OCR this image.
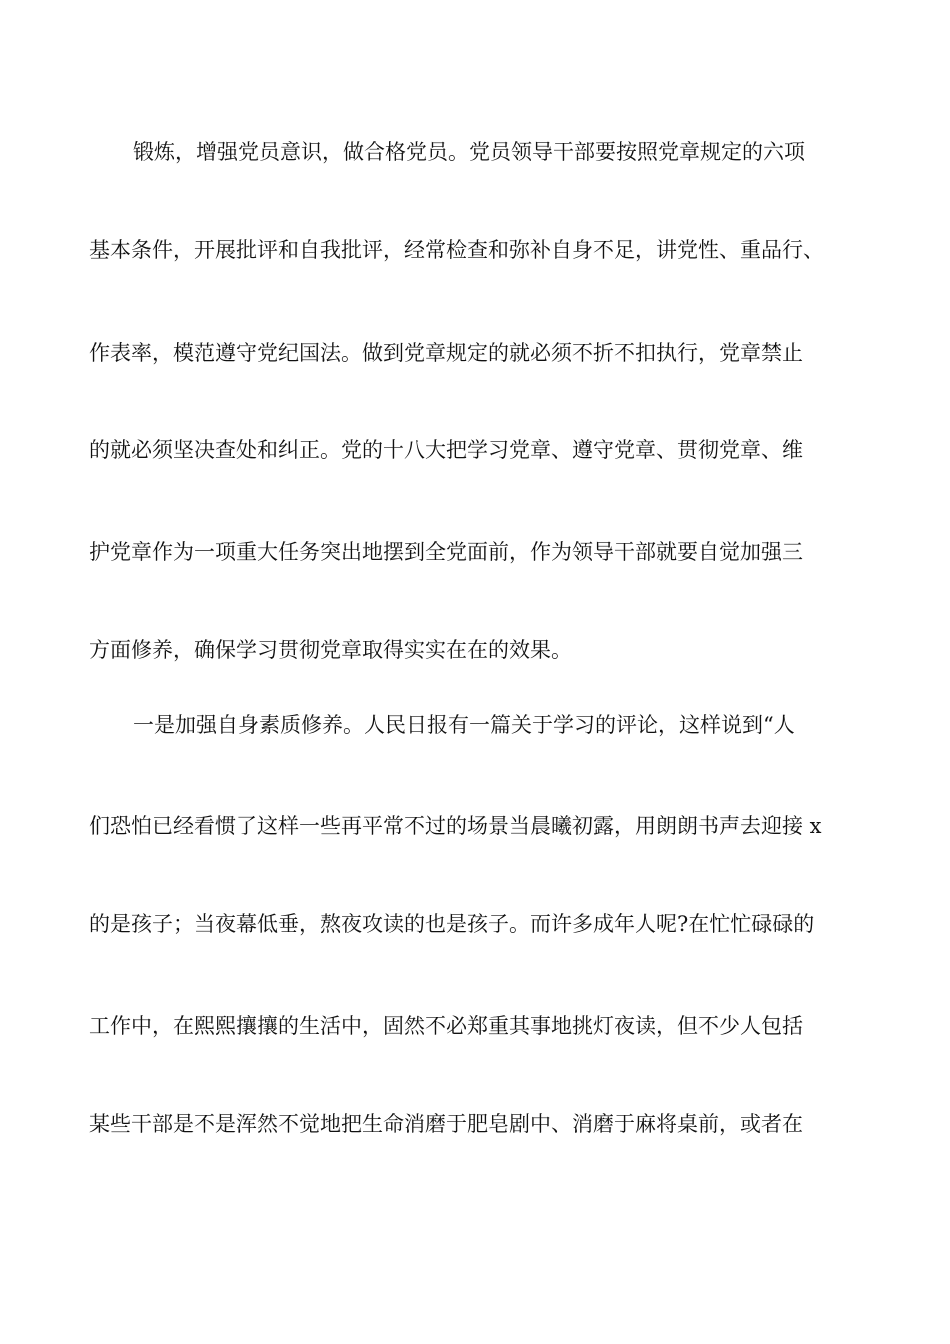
锻炼，增强党员意识，做合格党员。党员领导干部要按照党章规定的六项
基本条件，开展批评和自我批评，经常检查和弥补自身不足，讲党性、重品行、
作表率，模范遵守党纪国法。做到党章规定的就必须不折不扣执行，党章禁止
的就必须坚决查处和纠正。党的十八大把学习党章、遵守党章、贯彻党章、维
护党章作为一项重大任务突出地摆到全党面前，作为领导干部就要自觉加强三
方面修养，确保学习贯彻党章取得实实在在的效果。
一是加强自身素质修养。人民日报有一篇关于学习的评论，这样说到“人
们恐怕已经看惯了这样一些再平常不过的场景当晨曦初露，用朗朗书声去迎接 x
的是孩子；当夜幕低垂，熬夜攻读的也是孩子。而许多成年人呢?在忙忙碌碌的
工作中，在熙熙攘攘的生活中，固然不必郑重其事地挑灯夜读，但不少人包括
某些干部是不是浑然不觉地把生命消磨于肥皂剧中、消磨于麻将桌前，或者在
